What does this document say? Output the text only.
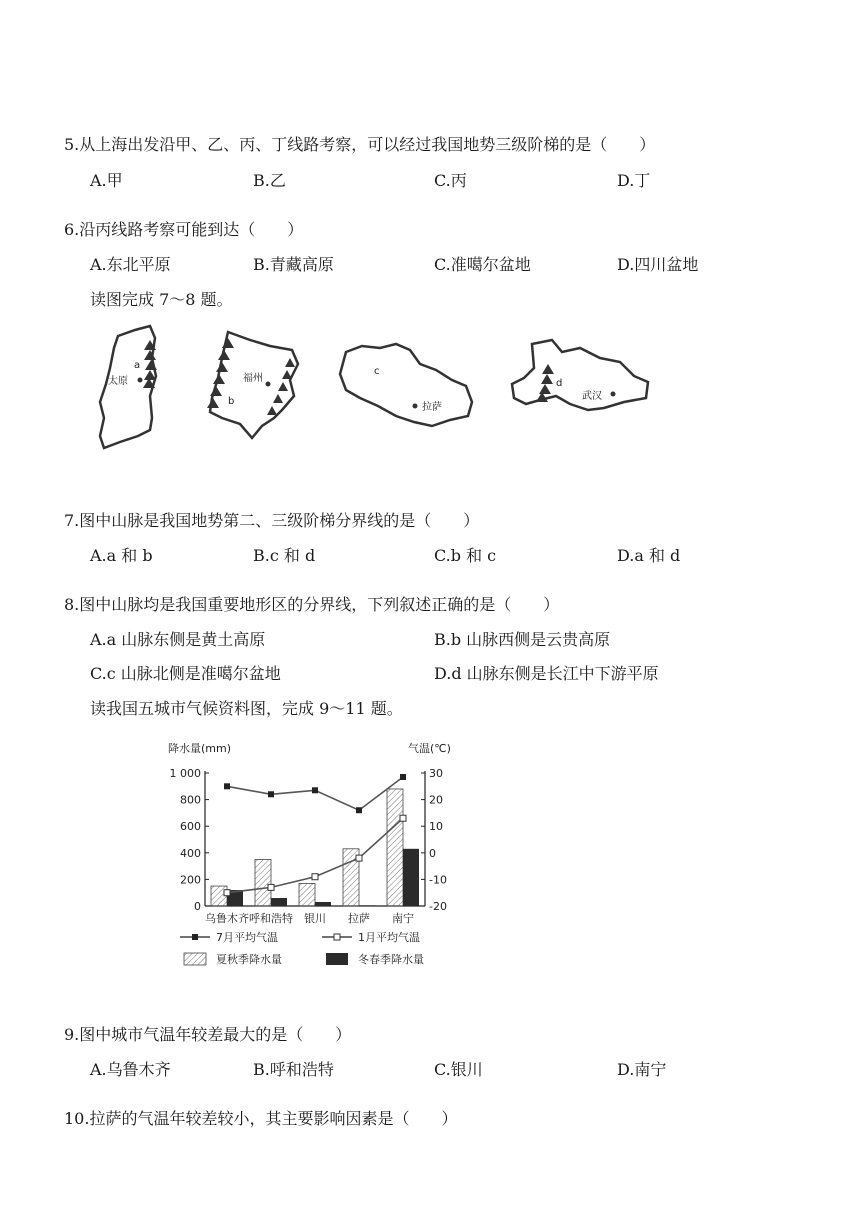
5.从上海出发沿甲、乙、丙、丁线路考察，可以经过我国地势三级阶梯的是（　　）
A.甲	B.乙	C.丙	D.丁
6.沿丙线路考察可能到达（　　）
A.东北平原	B.青藏高原	C.准噶尔盆地	D.四川盆地
读图完成 7～8 题。
a
太原	福州
b
c
拉萨
d
武汉
7.图中山脉是我国地势第二、三级阶梯分界线的是（　　）
A.a 和 b	B.c 和 d	C.b 和 c	D.a 和 d
8.图中山脉均是我国重要地形区的分界线，下列叙述正确的是（　　）
A.a 山脉东侧是黄土高原	B.b 山脉西侧是云贵高原
C.c 山脉北侧是准噶尔盆地	D.d 山脉东侧是长江中下游平原
读我国五城市气候资料图，完成 9～11 题。
降水量(mm)	气温(℃)
1 000
800
600
400
200
0
30
20
10
0
-10
-20
乌鲁木齐 呼和浩特 银川 拉萨 南宁
7月平均气温	1月平均气温
夏秋季降水量	冬春季降水量
9.图中城市气温年较差最大的是（　　）
A.乌鲁木齐	B.呼和浩特	C.银川	D.南宁
10.拉萨的气温年较差较小，其主要影响因素是（　　）
